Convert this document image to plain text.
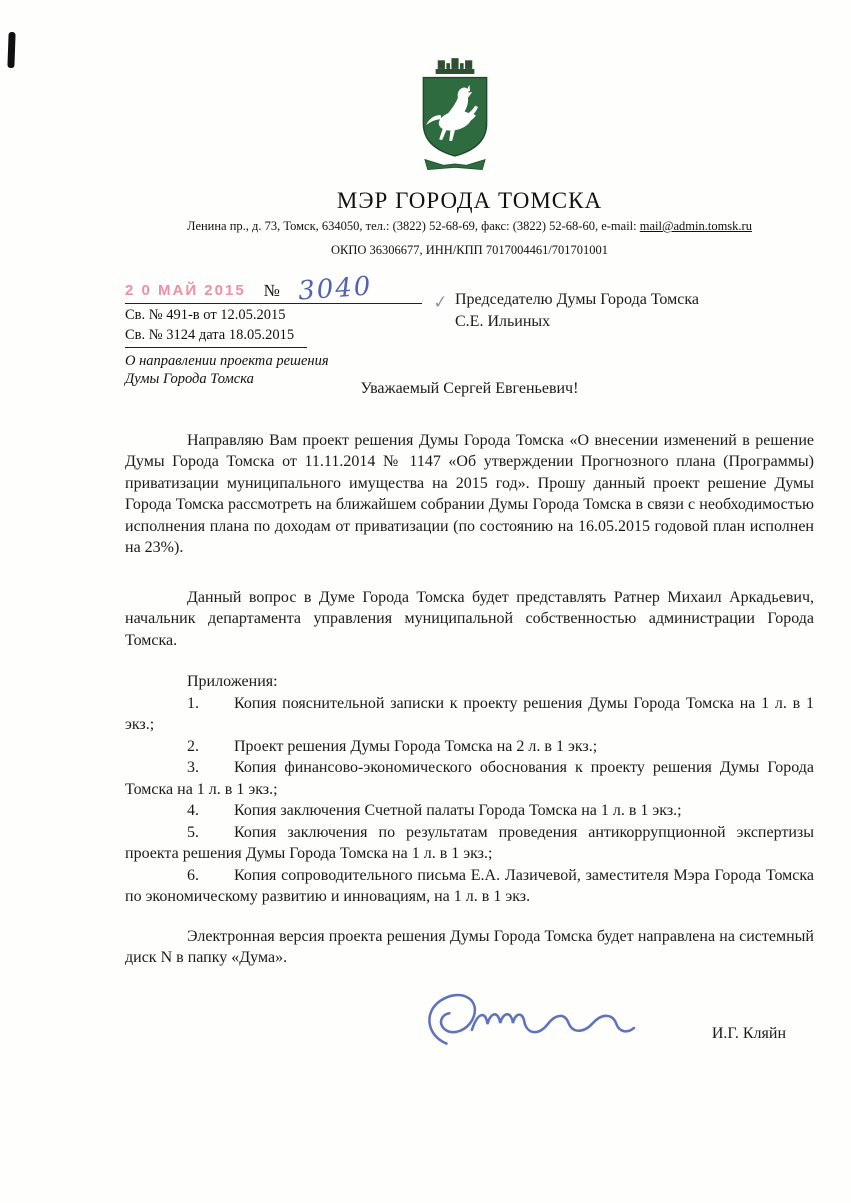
МЭР ГОРОДА ТОМСКА
Ленина пр., д. 73, Томск, 634050, тел.: (3822) 52-68-69, факс: (3822) 52-68-60, e-mail: mail@admin.tomsk.ru
ОКПО 36306677, ИНН/КПП 7017004461/701701001
2 0 МАЙ 2015 № 3040
Св. № 491-в от 12.05.2015
Св. № 3124 дата 18.05.2015
О направлении проекта решения
Думы Города Томска
✓ Председателю Думы Города Томска
С.Е. Ильиных
Уважаемый Сергей Евгеньевич!

Направляю Вам проект решения Думы Города Томска «О внесении изменений в решение Думы Города Томска от 11.11.2014 № 1147 «Об утверждении Прогнозного плана (Программы) приватизации муниципального имущества на 2015 год». Прошу данный проект решение Думы Города Томска рассмотреть на ближайшем собрании Думы Города Томска в связи с необходимостью исполнения плана по доходам от приватизации (по состоянию на 16.05.2015 годовой план исполнен на 23%).

Данный вопрос в Думе Города Томска будет представлять Ратнер Михаил Аркадьевич, начальник департамента управления муниципальной собственностью администрации Города Томска.

Приложения:

1. Копия пояснительной записки к проекту решения Думы Города Томска на 1 л. в 1 экз.;

2. Проект решения Думы Города Томска на 2 л. в 1 экз.;

3. Копия финансово-экономического обоснования к проекту решения Думы Города Томска на 1 л. в 1 экз.;

4. Копия заключения Счетной палаты Города Томска на 1 л. в 1 экз.;

5. Копия заключения по результатам проведения антикоррупционной экспертизы проекта решения Думы Города Томска на 1 л. в 1 экз.;

6. Копия сопроводительного письма Е.А. Лазичевой, заместителя Мэра Города Томска по экономическому развитию и инновациям, на 1 л. в 1 экз.

Электронная версия проекта решения Думы Города Томска будет направлена на системный диск N в папку «Дума».

И.Г. Кляйн
